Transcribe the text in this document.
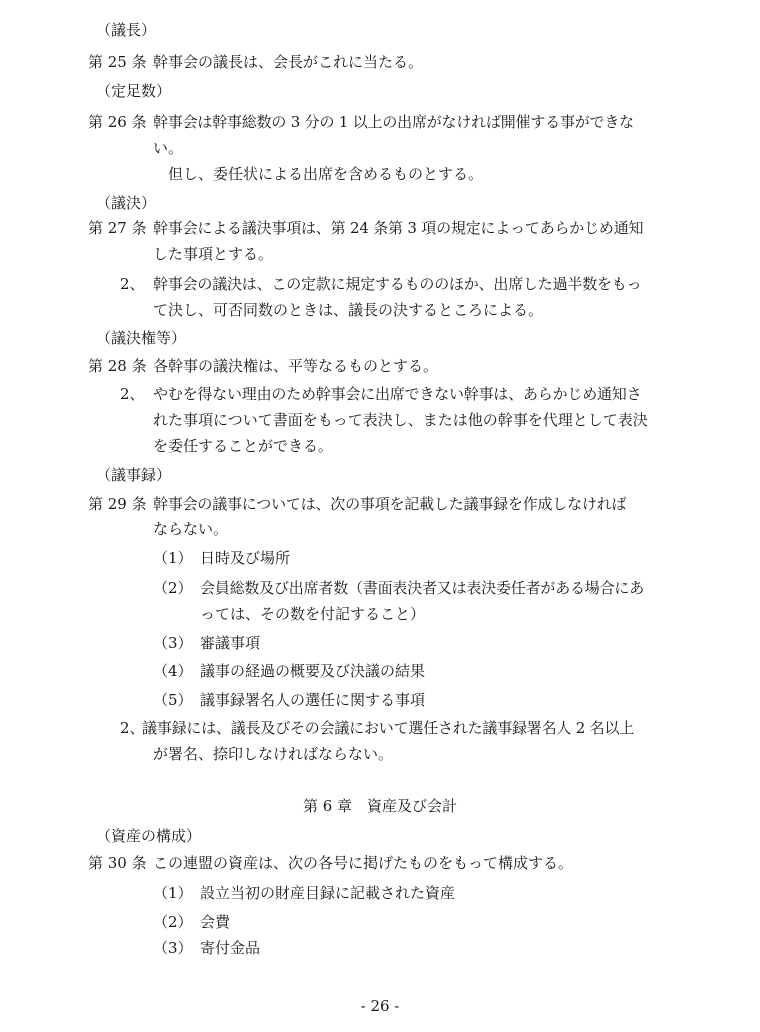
（議長）
第 25 条 幹事会の議長は、会長がこれに当たる。
（定足数）
第 26 条 幹事会は幹事総数の 3 分の 1 以上の出席がなければ開催する事ができな
い。
但し、委任状による出席を含めるものとする。
（議決）
第 27 条 幹事会による議決事項は、第 24 条第 3 項の規定によってあらかじめ通知
した事項とする。
2、 幹事会の議決は、この定款に規定するもののほか、出席した過半数をもっ
て決し、可否同数のときは、議長の決するところによる。
（議決権等）
第 28 条 各幹事の議決権は、平等なるものとする。
2、 やむを得ない理由のため幹事会に出席できない幹事は、あらかじめ通知さ
れた事項について書面をもって表決し、または他の幹事を代理として表決
を委任することができる。
（議事録）
第 29 条 幹事会の議事については、次の事項を記載した議事録を作成しなければ
ならない。
（1） 日時及び場所
（2） 会員総数及び出席者数（書面表決者又は表決委任者がある場合にあ
っては、その数を付記すること）
（3） 審議事項
（4） 議事の経過の概要及び決議の結果
（5） 議事録署名人の選任に関する事項
2、議事録には、議長及びその会議において選任された議事録署名人 2 名以上
が署名、捺印しなければならない。
第 6 章　資産及び会計
（資産の構成）
第 30 条 この連盟の資産は、次の各号に掲げたものをもって構成する。
（1） 設立当初の財産目録に記載された資産
（2） 会費
（3） 寄付金品
- 26 -
